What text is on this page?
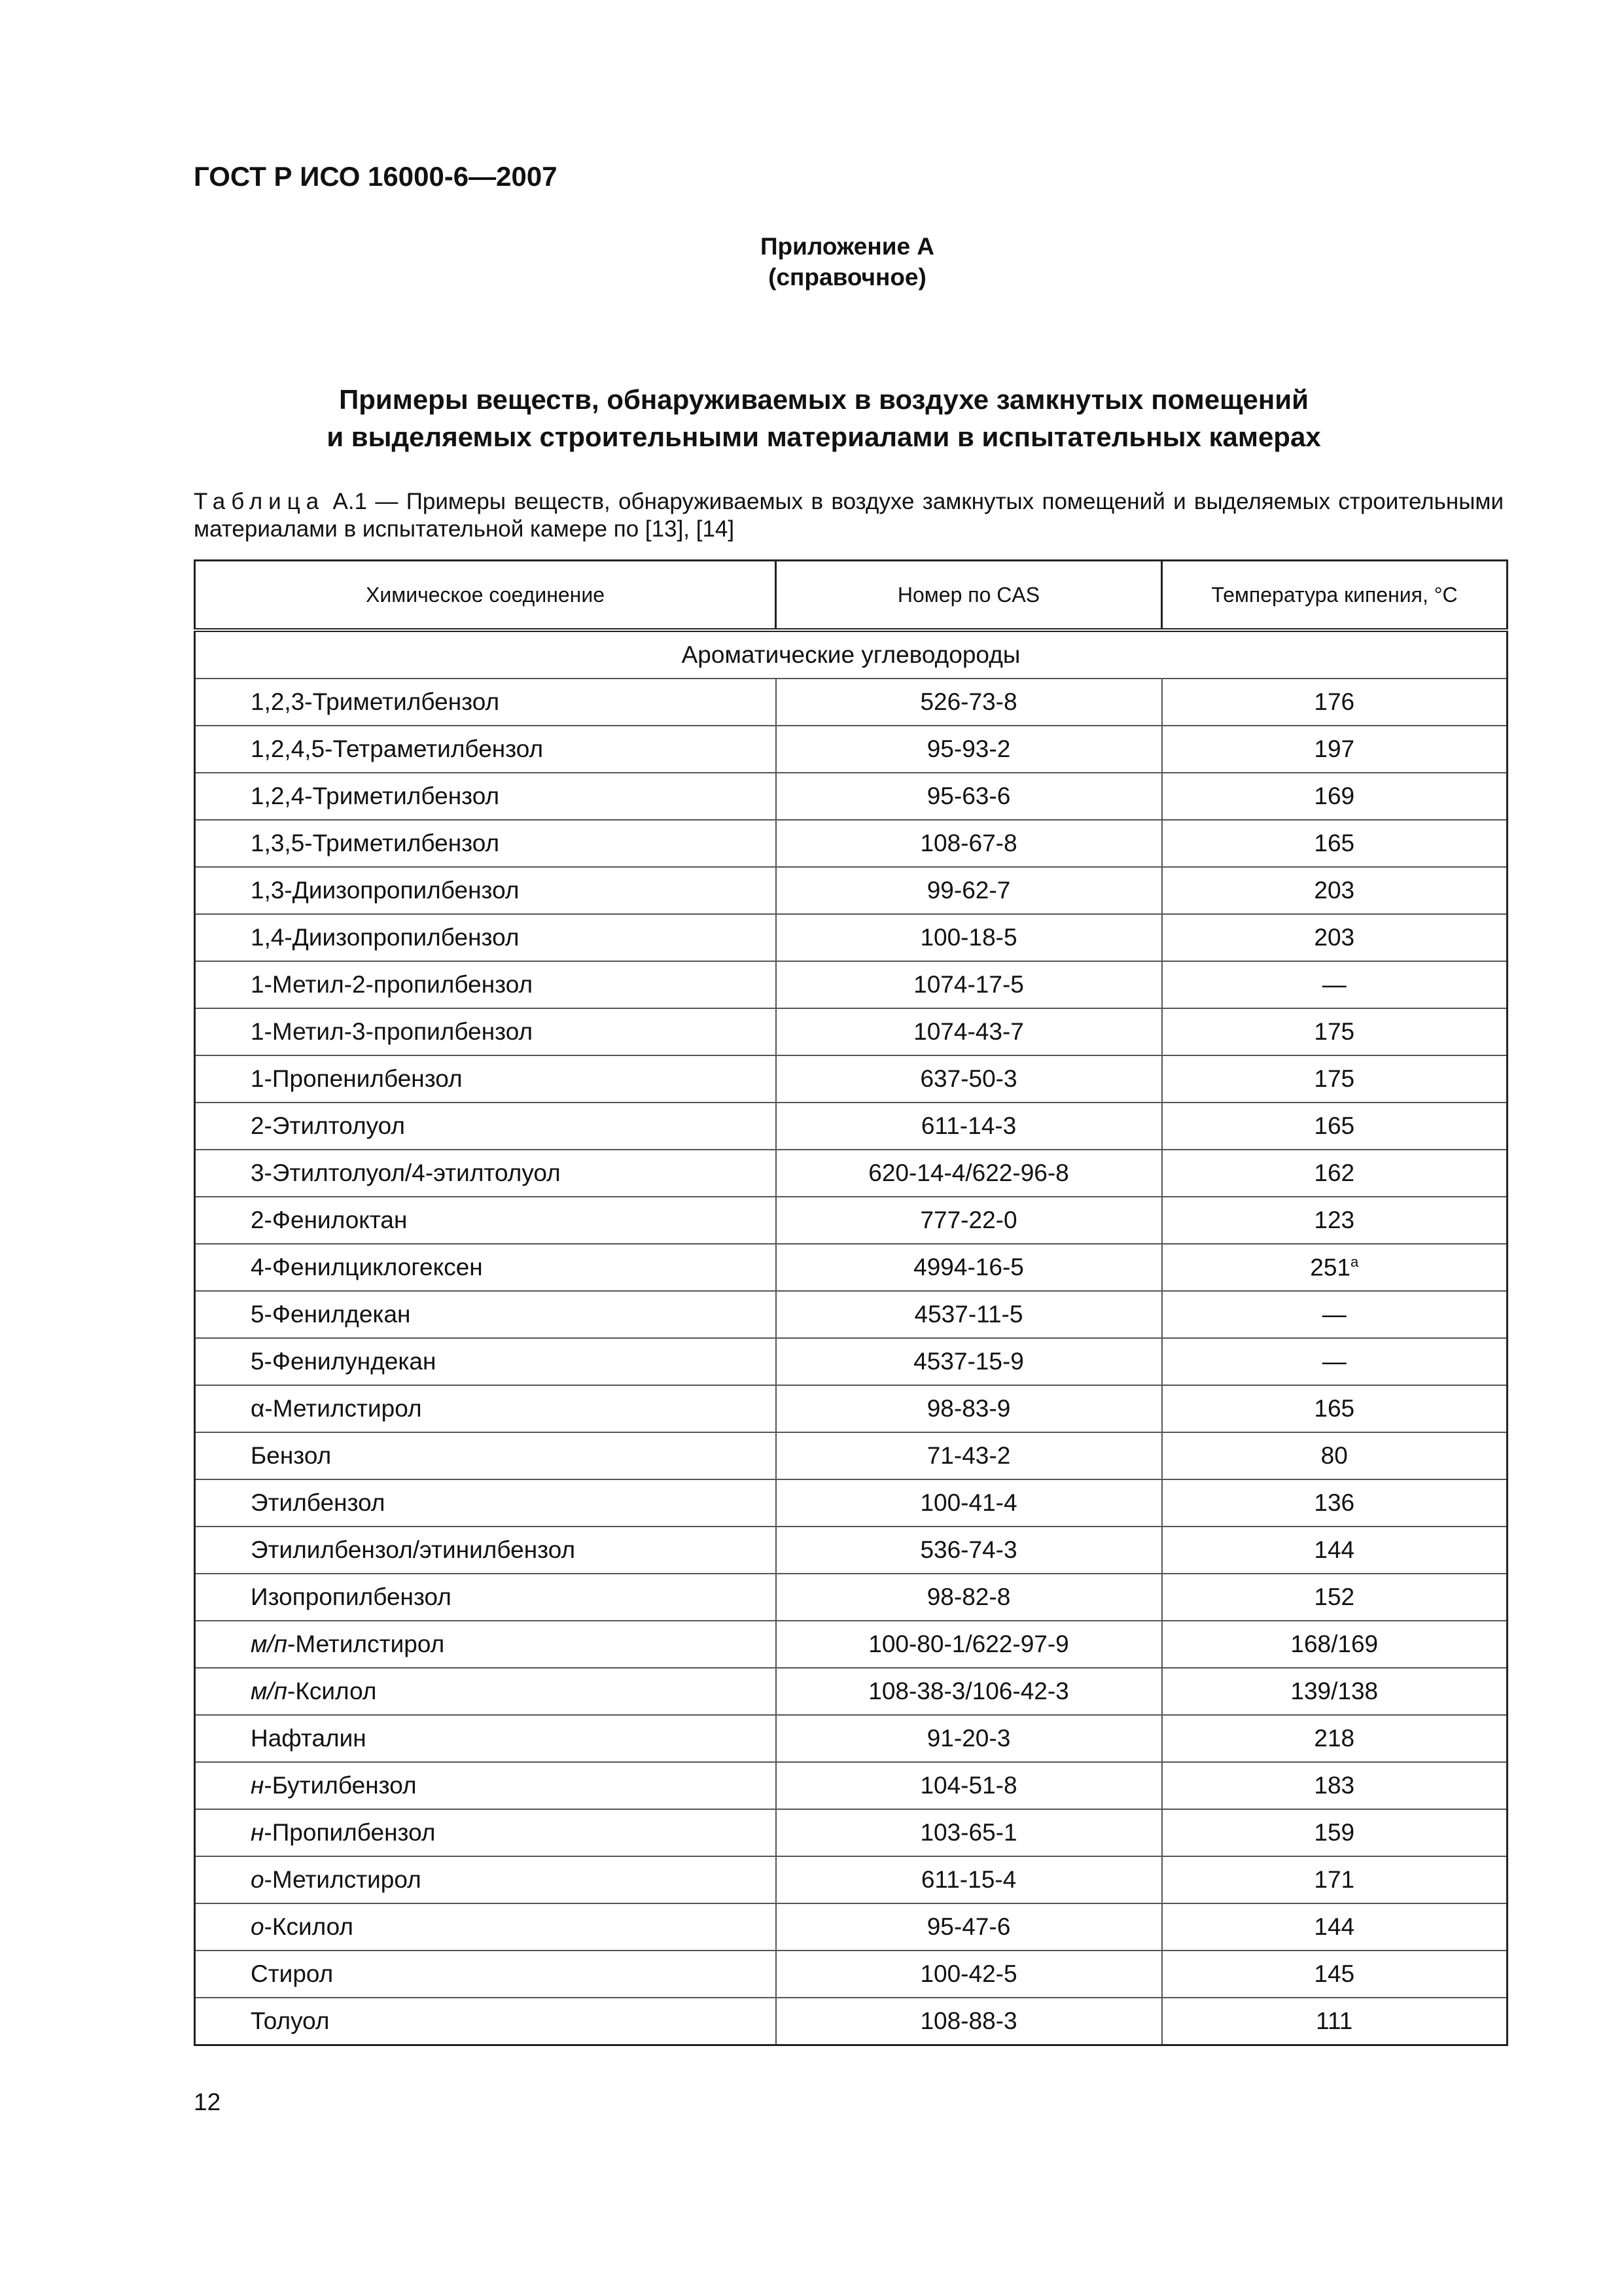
ГОСТ Р ИСО 16000-6—2007

Приложение А

(справочное)

Примеры веществ, обнаруживаемых в воздухе замкнутых помещений

и выделяемых строительными материалами в испытательных камерах

Таблица А.1 — Примеры веществ, обнаруживаемых в воздухе замкнутых помещений и выделяемых строительными материалами в испытательной камере по [13], [14]

Химическое соединение	Номер по CAS	Температура кипения, °С
Ароматические углеводороды		
1,2,3-Триметилбензол	526-73-8	176
1,2,4,5-Тетраметилбензол	95-93-2	197
1,2,4-Триметилбензол	95-63-6	169
1,3,5-Триметилбензол	108-67-8	165
1,3-Диизопропилбензол	99-62-7	203
1,4-Диизопропилбензол	100-18-5	203
1-Метил-2-пропилбензол	1074-17-5	—
1-Метил-3-пропилбензол	1074-43-7	175
1-Пропенилбензол	637-50-3	175
2-Этилтолуол	611-14-3	165
3-Этилтолуол/4-этилтолуол	620-14-4/622-96-8	162
2-Фенилоктан	777-22-0	123
4-Фенилциклогексен	4994-16-5	251$^a$
5-Фенилдекан	4537-11-5	—
5-Фенилундекан	4537-15-9	—
α-Метилстирол	98-83-9	165
Бензол	71-43-2	80
Этилбензол	100-41-4	136
Этилилбензол/этинилбензол	536-74-3	144
Изопропилбензол	98-82-8	152
м/п-Метилстирол	100-80-1/622-97-9	168/169
м/п-Ксилол	108-38-3/106-42-3	139/138
Нафталин	91-20-3	218
н-Бутилбензол	104-51-8	183
н-Пропилбензол	103-65-1	159
о-Метилстирол	611-15-4	171
о-Ксилол	95-47-6	144
Стирол	100-42-5	145
Толуол	108-88-3	111

12
